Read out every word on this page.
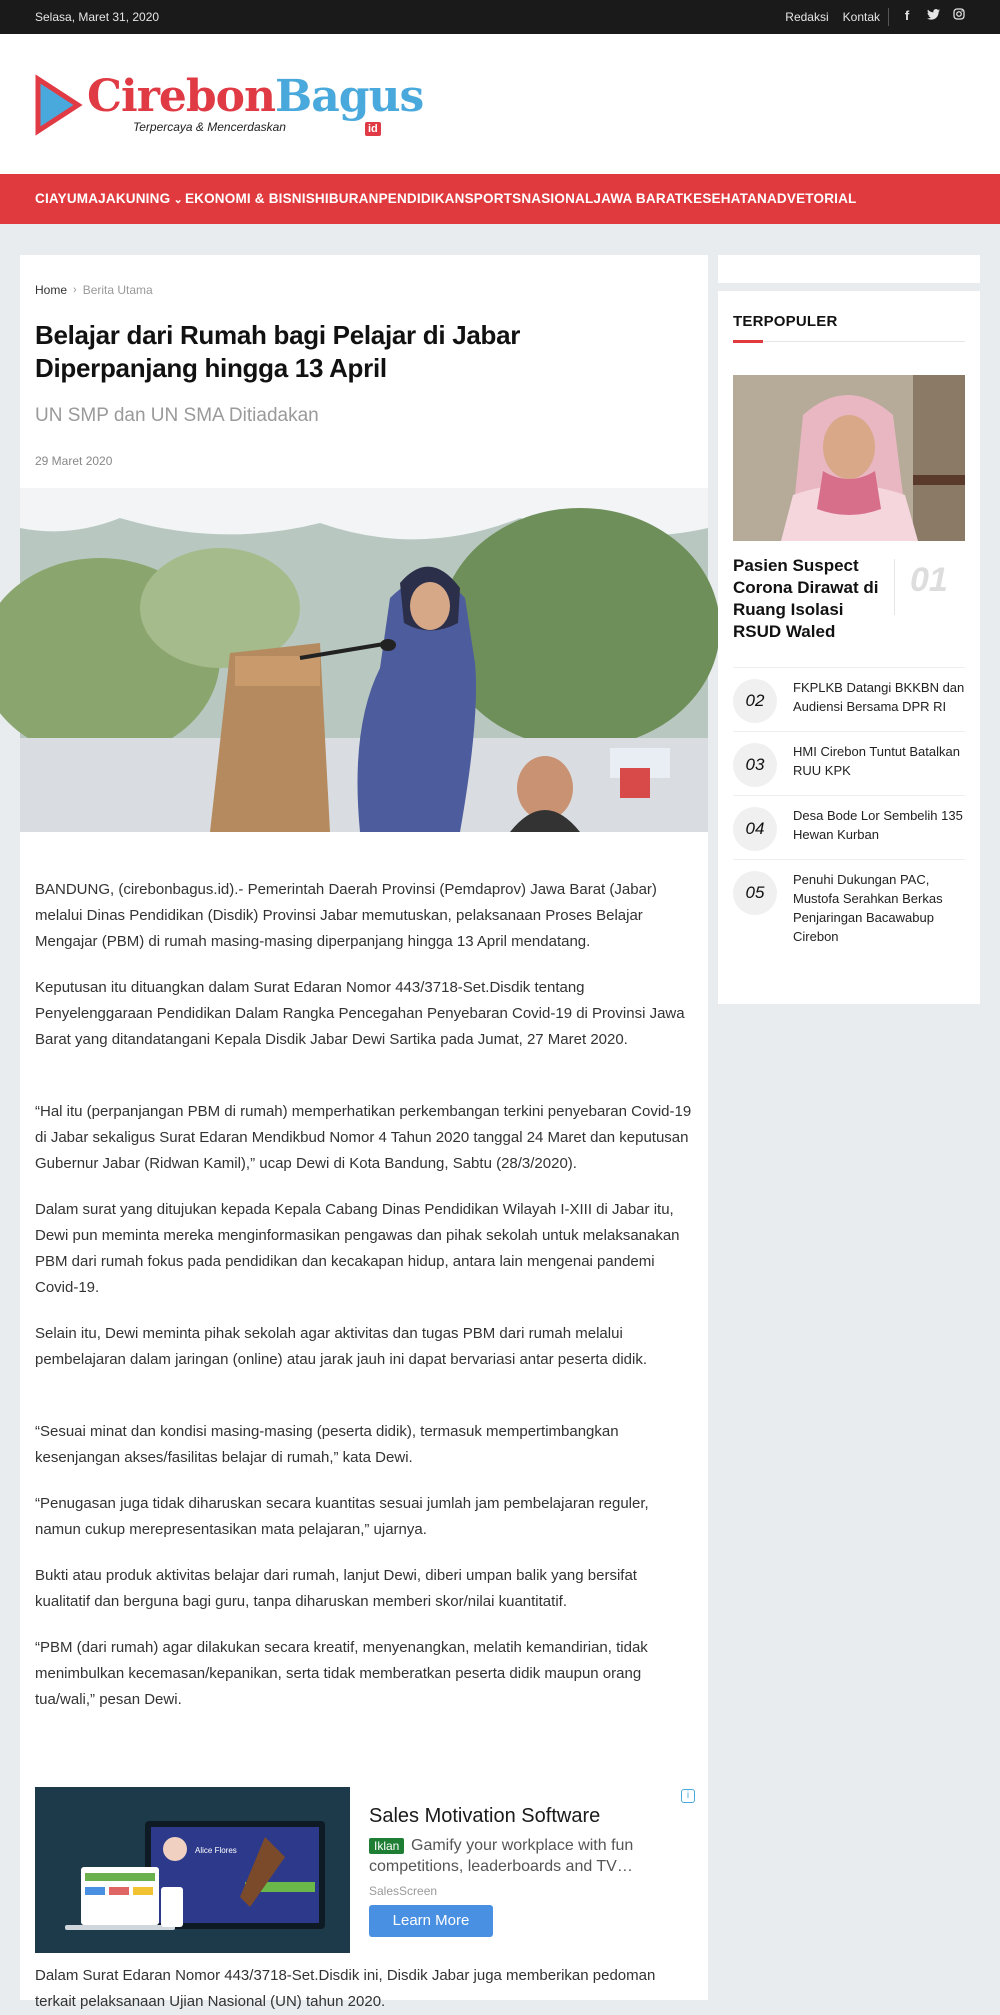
Selasa, Maret 31, 2020	Redaksi Kontak f
CirebonBagus
Terpercaya & Mencerdaskan	id
CIAYUMAJAKUNING ⌄	EKONOMI & BISNIS HIBURAN PENDIDIKAN SPORTS NASIONAL JAWA BARAT KESEHATAN ADVETORIAL
Home › Berita Utama
Belajar dari Rumah bagi Pelajar di Jabar Diperpanjang hingga 13 April
UN SMP dan UN SMA Ditiadakan
29 Maret 2020

BANDUNG, (cirebonbagus.id).- Pemerintah Daerah Provinsi (Pemdaprov) Jawa Barat (Jabar) melalui Dinas Pendidikan (Disdik) Provinsi Jabar memutuskan, pelaksanaan Proses Belajar Mengajar (PBM) di rumah masing-masing diperpanjang hingga 13 April mendatang.

Keputusan itu dituangkan dalam Surat Edaran Nomor 443/3718-Set.Disdik tentang Penyelenggaraan Pendidikan Dalam Rangka Pencegahan Penyebaran Covid-19 di Provinsi Jawa Barat yang ditandatangani Kepala Disdik Jabar Dewi Sartika pada Jumat, 27 Maret 2020.

“Hal itu (perpanjangan PBM di rumah) memperhatikan perkembangan terkini penyebaran Covid-19 di Jabar sekaligus Surat Edaran Mendikbud Nomor 4 Tahun 2020 tanggal 24 Maret dan keputusan Gubernur Jabar (Ridwan Kamil),” ucap Dewi di Kota Bandung, Sabtu (28/3/2020).

Dalam surat yang ditujukan kepada Kepala Cabang Dinas Pendidikan Wilayah I-XIII di Jabar itu, Dewi pun meminta mereka menginformasikan pengawas dan pihak sekolah untuk melaksanakan PBM dari rumah fokus pada pendidikan dan kecakapan hidup, antara lain mengenai pandemi Covid-19.

Selain itu, Dewi meminta pihak sekolah agar aktivitas dan tugas PBM dari rumah melalui pembelajaran dalam jaringan (online) atau jarak jauh ini dapat bervariasi antar peserta didik.

“Sesuai minat dan kondisi masing-masing (peserta didik), termasuk mempertimbangkan kesenjangan akses/fasilitas belajar di rumah,” kata Dewi.

“Penugasan juga tidak diharuskan secara kuantitas sesuai jumlah jam pembelajaran reguler, namun cukup merepresentasikan mata pelajaran,” ujarnya.

Bukti atau produk aktivitas belajar dari rumah, lanjut Dewi, diberi umpan balik yang bersifat kualitatif dan berguna bagi guru, tanpa diharuskan memberi skor/nilai kuantitatif.

“PBM (dari rumah) agar dilakukan secara kreatif, menyenangkan, melatih kemandirian, tidak menimbulkan kecemasan/kepanikan, serta tidak memberatkan peserta didik maupun orang tua/wali,” pesan Dewi.

Alice Flores
Sales Motivation Software
Gamify your workplace with fun competitions, leaderboards and TV…
Iklan
SalesScreen
Learn More
i
Dalam Surat Edaran Nomor 443/3718-Set.Disdik ini, Disdik Jabar juga memberikan pedoman terkait pelaksanaan Ujian Nasional (UN) tahun 2020.
TERPOPULER
Pasien Suspect Corona Dirawat di Ruang Isolasi RSUD Waled
01
02
FKPLKB Datangi BKKBN dan Audiensi Bersama DPR RI
03
HMI Cirebon Tuntut Batalkan RUU KPK
04
Desa Bode Lor Sembelih 135 Hewan Kurban
05
Penuhi Dukungan PAC, Mustofa Serahkan Berkas Penjaringan Bacawabup Cirebon
